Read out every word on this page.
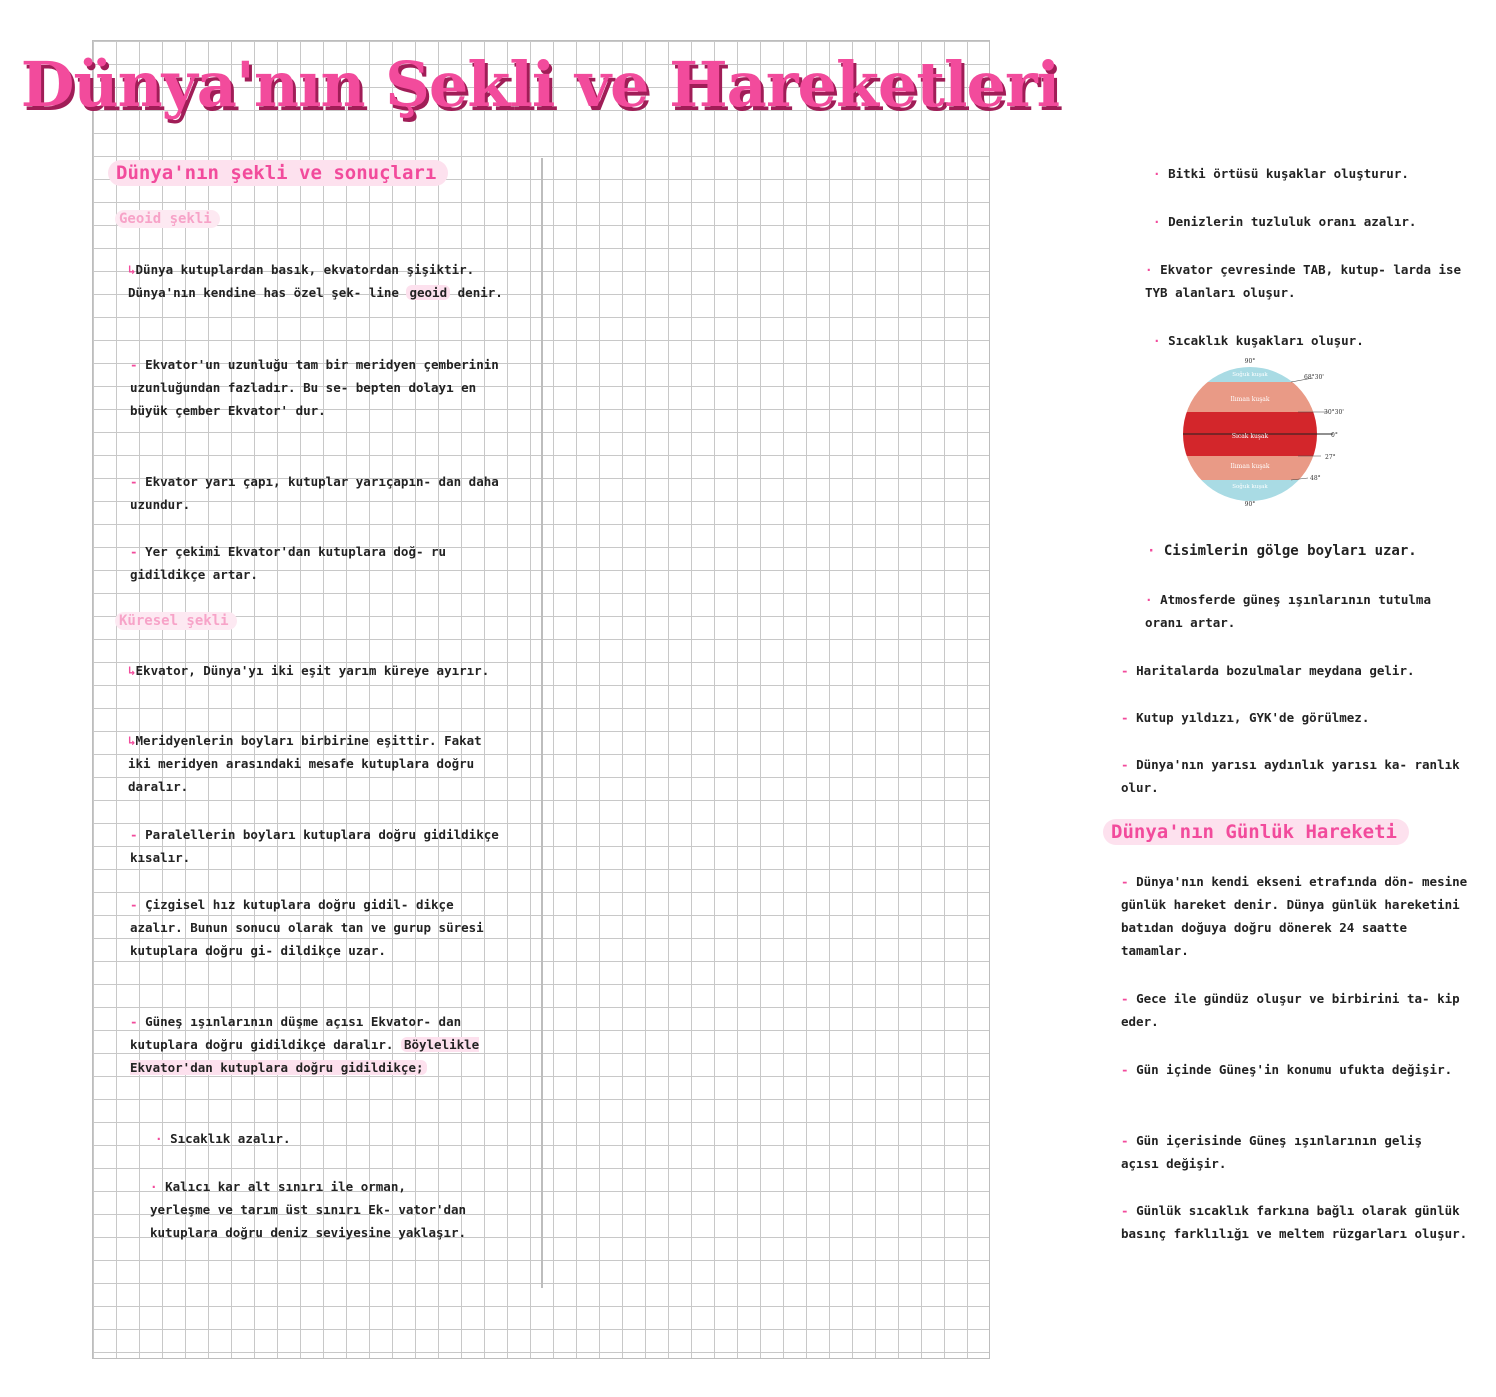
Dünya'nın Şekli ve Hareketleri
Dünya'nın şekli ve sonuçları
Geoid şekli

↳Dünya kutuplardan basık, ekvatordan şişiktir. Dünya'nın kendine has özel şek- line geoid denir.

- Ekvator'un uzunluğu tam bir meridyen çemberinin uzunluğundan fazladır. Bu se- bepten dolayı en büyük çember Ekvator' dur.

- Ekvator yarı çapı, kutuplar yarıçapın- dan daha uzundur.

- Yer çekimi Ekvator'dan kutuplara doğ- ru gidildikçe artar.

Küresel şekli

↳Ekvator, Dünya'yı iki eşit yarım küreye ayırır.

↳Meridyenlerin boyları birbirine eşittir. Fakat iki meridyen arasındaki mesafe kutuplara doğru daralır.

- Paralellerin boyları kutuplara doğru gidildikçe kısalır.

- Çizgisel hız kutuplara doğru gidil- dikçe azalır. Bunun sonucu olarak tan ve gurup süresi kutuplara doğru gi- dildikçe uzar.

- Güneş ışınlarının düşme açısı Ekvator- dan kutuplara doğru gidildikçe daralır. Böylelikle Ekvator'dan kutuplara doğru gidildikçe;

· Sıcaklık azalır.

· Kalıcı kar alt sınırı ile orman, yerleşme ve tarım üst sınırı Ek- vator'dan kutuplara doğru deniz seviyesine yaklaşır.

· Bitki örtüsü kuşaklar oluşturur.

· Denizlerin tuzluluk oranı azalır.

· Ekvator çevresinde TAB, kutup- larda ise TYB alanları oluşur.

· Sıcaklık kuşakları oluşur.

90°
90°
68°30'
30°30'
0°
27°
48°
Soğuk kuşak
Ilıman kuşak
Sıcak kuşak
Ilıman kuşak
Soğuk kuşak

· Cisimlerin gölge boyları uzar.

· Atmosferde güneş ışınlarının tutulma oranı artar.

- Haritalarda bozulmalar meydana gelir.

- Kutup yıldızı, GYK'de görülmez.

- Dünya'nın yarısı aydınlık yarısı ka- ranlık olur.

Dünya'nın Günlük Hareketi

- Dünya'nın kendi ekseni etrafında dön- mesine günlük hareket denir. Dünya günlük hareketini batıdan doğuya doğru dönerek 24 saatte tamamlar.

- Gece ile gündüz oluşur ve birbirini ta- kip eder.

- Gün içinde Güneş'in konumu ufukta değişir.

- Gün içerisinde Güneş ışınlarının geliş açısı değişir.

- Günlük sıcaklık farkına bağlı olarak günlük basınç farklılığı ve meltem rüzgarları oluşur.
